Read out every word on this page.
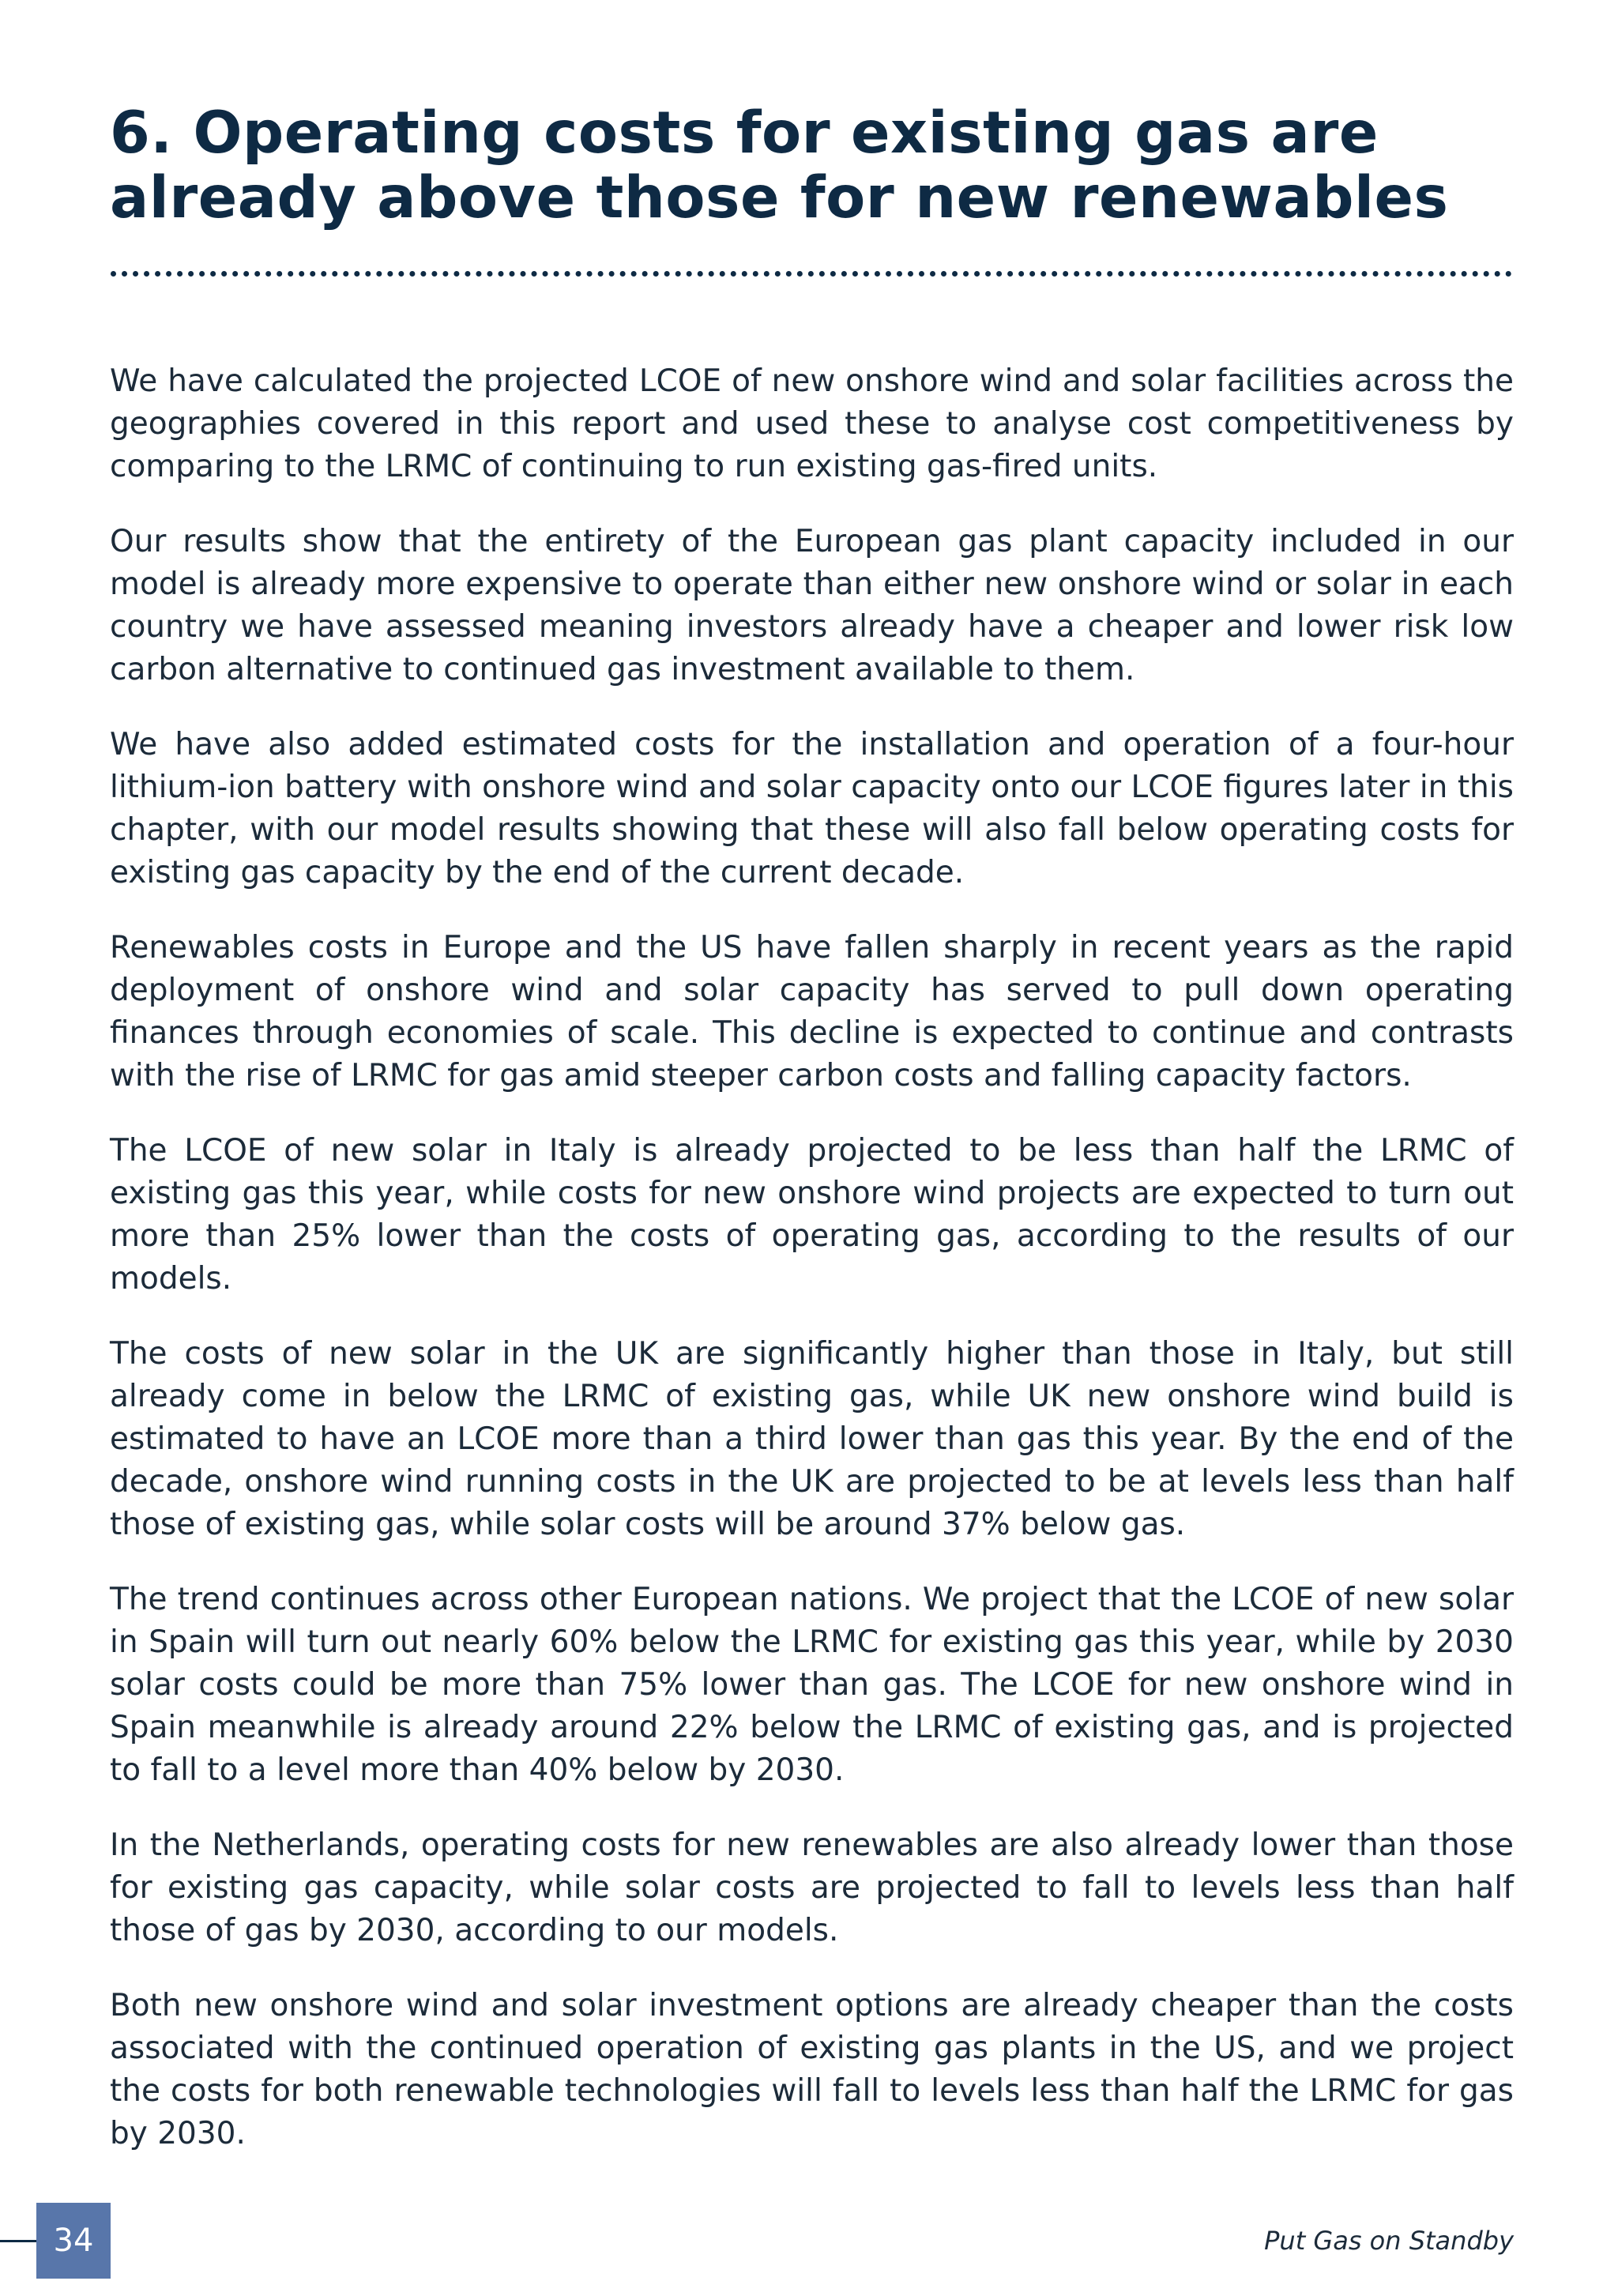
6. Operating costs for existing gas are already above those for new renewables

We have calculated the projected LCOE of new onshore wind and solar facilities across the geographies covered in this report and used these to analyse cost competitiveness by comparing to the LRMC of continuing to run existing gas-fired units.

Our results show that the entirety of the European gas plant capacity included in our model is already more expensive to operate than either new onshore wind or solar in each country we have assessed meaning investors already have a cheaper and lower risk low carbon alternative to continued gas investment available to them.

We have also added estimated costs for the installation and operation of a four-hour lithium-ion battery with onshore wind and solar capacity onto our LCOE figures later in this chapter, with our model results showing that these will also fall below operating costs for existing gas capacity by the end of the current decade.

Renewables costs in Europe and the US have fallen sharply in recent years as the rapid deployment of onshore wind and solar capacity has served to pull down operating finances through economies of scale. This decline is expected to continue and contrasts with the rise of LRMC for gas amid steeper carbon costs and falling capacity factors.

The LCOE of new solar in Italy is already projected to be less than half the LRMC of existing gas this year, while costs for new onshore wind projects are expected to turn out more than 25% lower than the costs of operating gas, according to the results of our models.

The costs of new solar in the UK are significantly higher than those in Italy, but still already come in below the LRMC of existing gas, while UK new onshore wind build is estimated to have an LCOE more than a third lower than gas this year. By the end of the decade, onshore wind running costs in the UK are projected to be at levels less than half those of existing gas, while solar costs will be around 37% below gas.

The trend continues across other European nations. We project that the LCOE of new solar in Spain will turn out nearly 60% below the LRMC for existing gas this year, while by 2030 solar costs could be more than 75% lower than gas. The LCOE for new onshore wind in Spain meanwhile is already around 22% below the LRMC of existing gas, and is projected to fall to a level more than 40% below by 2030.

In the Netherlands, operating costs for new renewables are also already lower than those for existing gas capacity, while solar costs are projected to fall to levels less than half those of gas by 2030, according to our models.

Both new onshore wind and solar investment options are already cheaper than the costs associated with the continued operation of existing gas plants in the US, and we project the costs for both renewable technologies will fall to levels less than half the LRMC for gas by 2030.

34	Put Gas on Standby
